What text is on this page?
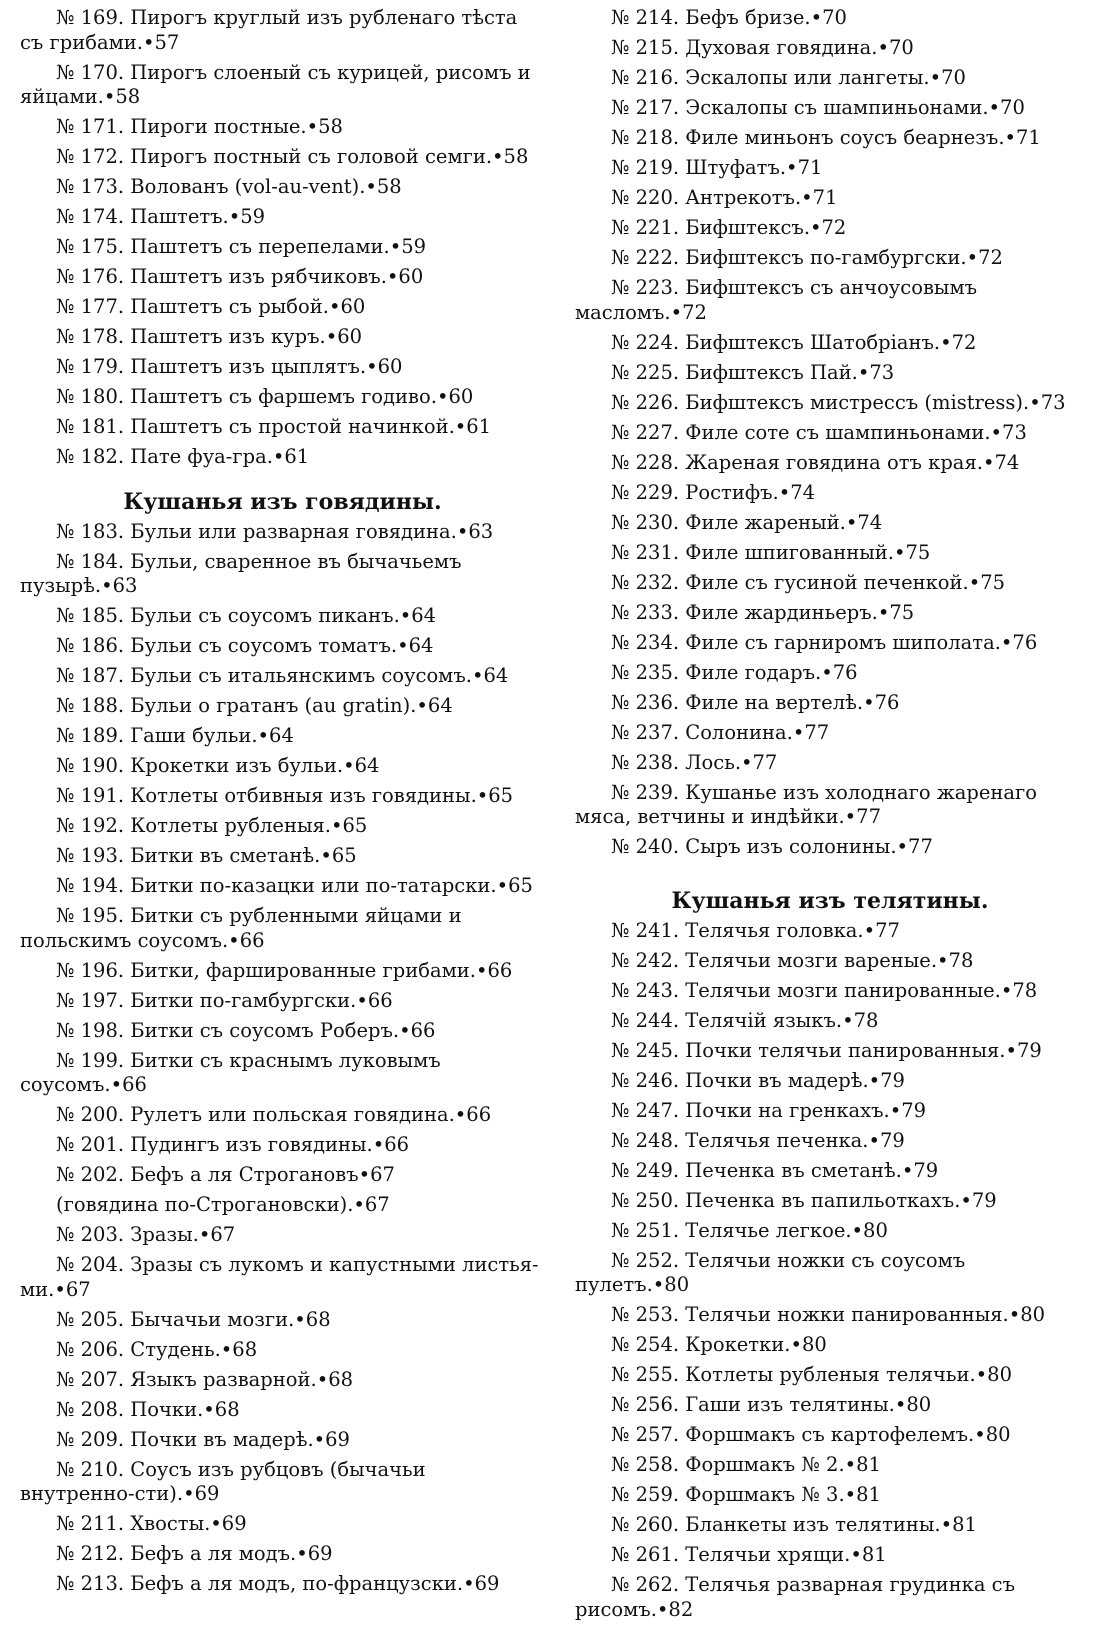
№ 169. Пирогъ круглый изъ рубленаго тѣста съ грибами.•57

№ 170. Пирогъ слоеный съ курицей, рисомъ и яйцами.•58

№ 171. Пироги постные.•58

№ 172. Пирогъ постный съ головой семги.•58

№ 173. Волованъ (vol-au-vent).•58

№ 174. Паштетъ.•59

№ 175. Паштетъ съ перепелами.•59

№ 176. Паштетъ изъ рябчиковъ.•60

№ 177. Паштетъ съ рыбой.•60

№ 178. Паштетъ изъ куръ.•60

№ 179. Паштетъ изъ цыплятъ.•60

№ 180. Паштетъ съ фаршемъ годиво.•60

№ 181. Паштетъ съ простой начинкой.•61

№ 182. Пате фуа-гра.•61

Кушанья изъ говядины.

№ 183. Бульи или разварная говядина.•63

№ 184. Бульи, сваренное въ бычачьемъ пузырѣ.•63

№ 185. Бульи съ соусомъ пиканъ.•64

№ 186. Бульи съ соусомъ томатъ.•64

№ 187. Бульи съ итальянскимъ соусомъ.•64

№ 188. Бульи о гратанъ (au gratin).•64

№ 189. Гаши бульи.•64

№ 190. Крокетки изъ бульи.•64

№ 191. Котлеты отбивныя изъ говядины.•65

№ 192. Котлеты рубленыя.•65

№ 193. Битки въ сметанѣ.•65

№ 194. Битки по-казацки или по-татарски.•65

№ 195. Битки съ рубленными яйцами и польскимъ соусомъ.•66

№ 196. Битки, фаршированные грибами.•66

№ 197. Битки по-гамбургски.•66

№ 198. Битки съ соусомъ Роберъ.•66

№ 199. Битки съ краснымъ луковымъ соусомъ.•66

№ 200. Рулетъ или польская говядина.•66

№ 201. Пудингъ изъ говядины.•66

№ 202. Бефъ а ля Строгановъ•67

(говядина по-Строгановски).•67

№ 203. Зразы.•67

№ 204. Зразы съ лукомъ и капустными листья-ми.•67

№ 205. Бычачьи мозги.•68

№ 206. Студень.•68

№ 207. Языкъ разварной.•68

№ 208. Почки.•68

№ 209. Почки въ мадерѣ.•69

№ 210. Соусъ изъ рубцовъ (бычачьи внутренно-сти).•69

№ 211. Хвосты.•69

№ 212. Бефъ а ля модъ.•69

№ 213. Бефъ а ля модъ, по-французски.•69

№ 214. Бефъ бризе.•70

№ 215. Духовая говядина.•70

№ 216. Эскалопы или лангеты.•70

№ 217. Эскалопы съ шампиньонами.•70

№ 218. Филе миньонъ соусъ беарнезъ.•71

№ 219. Штуфатъ.•71

№ 220. Антрекотъ.•71

№ 221. Бифштексъ.•72

№ 222. Бифштексъ по-гамбургски.•72

№ 223. Бифштексъ съ анчоусовымъ масломъ.•72

№ 224. Бифштексъ Шатобріанъ.•72

№ 225. Бифштексъ Пай.•73

№ 226. Бифштексъ мистрессъ (mistress).•73

№ 227. Филе соте съ шампиньонами.•73

№ 228. Жареная говядина отъ края.•74

№ 229. Ростифъ.•74

№ 230. Филе жареный.•74

№ 231. Филе шпигованный.•75

№ 232. Филе съ гусиной печенкой.•75

№ 233. Филе жардиньеръ.•75

№ 234. Филе съ гарниромъ шиполата.•76

№ 235. Филе годаръ.•76

№ 236. Филе на вертелѣ.•76

№ 237. Солонина.•77

№ 238. Лось.•77

№ 239. Кушанье изъ холоднаго жаренаго мяса, ветчины и индѣйки.•77

№ 240. Сыръ изъ солонины.•77

Кушанья изъ телятины.

№ 241. Телячья головка.•77

№ 242. Телячьи мозги вареные.•78

№ 243. Телячьи мозги панированные.•78

№ 244. Телячій языкъ.•78

№ 245. Почки телячьи панированныя.•79

№ 246. Почки въ мадерѣ.•79

№ 247. Почки на гренкахъ.•79

№ 248. Телячья печенка.•79

№ 249. Печенка въ сметанѣ.•79

№ 250. Печенка въ папильоткахъ.•79

№ 251. Телячье легкое.•80

№ 252. Телячьи ножки съ соусомъ пулетъ.•80

№ 253. Телячьи ножки панированныя.•80

№ 254. Крокетки.•80

№ 255. Котлеты рубленыя телячьи.•80

№ 256. Гаши изъ телятины.•80

№ 257. Форшмакъ съ картофелемъ.•80

№ 258. Форшмакъ № 2.•81

№ 259. Форшмакъ № 3.•81

№ 260. Бланкеты изъ телятины.•81

№ 261. Телячьи хрящи.•81

№ 262. Телячья разварная грудинка съ рисомъ.•82
